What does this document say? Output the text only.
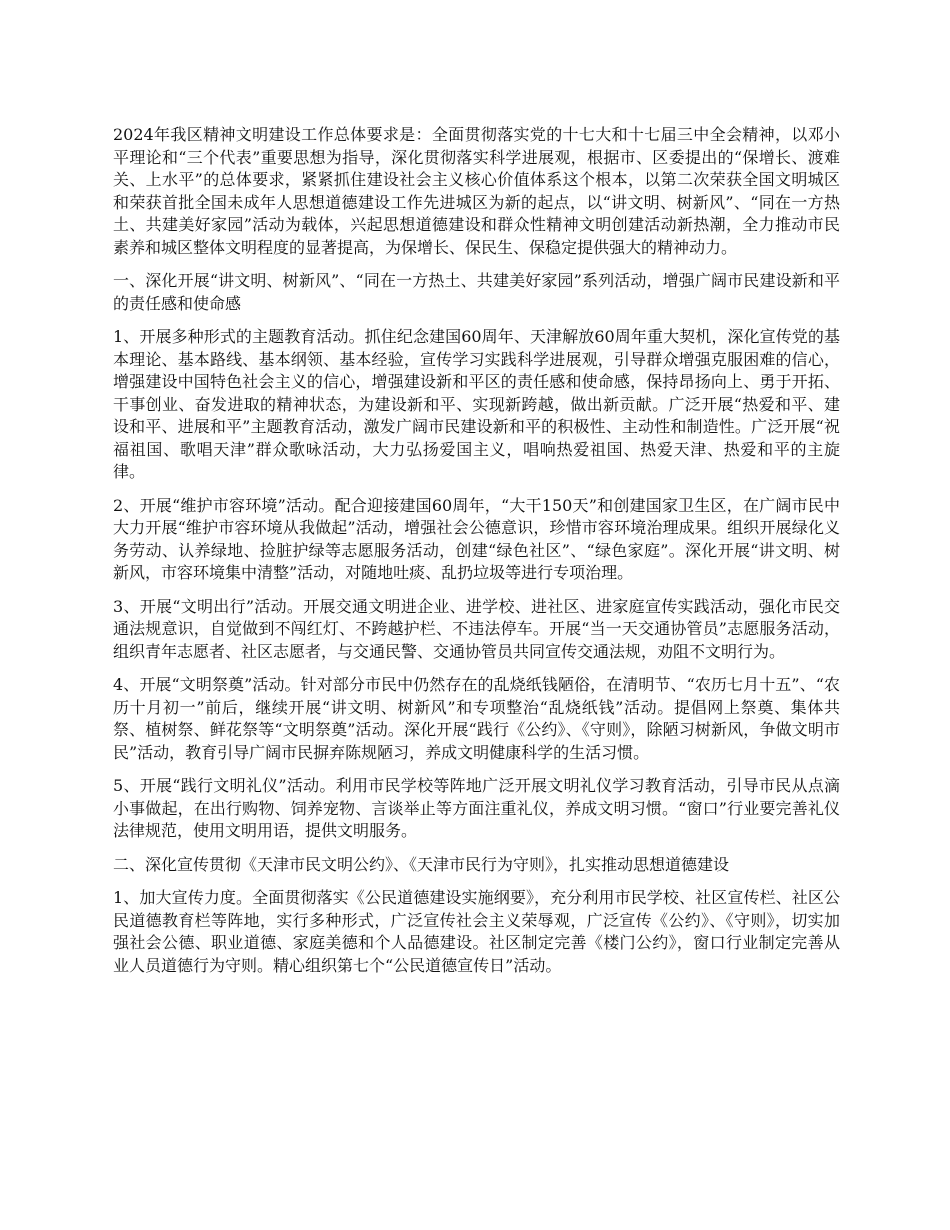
2024年我区精神文明建设工作总体要求是：全面贯彻落实党的十七大和十七届三中全会精神，以邓小平理论和“三个代表”重要思想为指导，深化贯彻落实科学进展观，根据市、区委提出的“保增长、渡难关、上水平”的总体要求，紧紧抓住建设社会主义核心价值体系这个根本，以第二次荣获全国文明城区和荣获首批全国未成年人思想道德建设工作先进城区为新的起点，以“讲文明、树新风”、“同在一方热土、共建美好家园”活动为载体，兴起思想道德建设和群众性精神文明创建活动新热潮，全力推动市民素养和城区整体文明程度的显著提高，为保增长、保民生、保稳定提供强大的精神动力。

一、深化开展“讲文明、树新风”、“同在一方热土、共建美好家园”系列活动，增强广阔市民建设新和平的责任感和使命感

1、开展多种形式的主题教育活动。抓住纪念建国60周年、天津解放60周年重大契机，深化宣传党的基本理论、基本路线、基本纲领、基本经验，宣传学习实践科学进展观，引导群众增强克服困难的信心，增强建设中国特色社会主义的信心，增强建设新和平区的责任感和使命感，保持昂扬向上、勇于开拓、干事创业、奋发进取的精神状态，为建设新和平、实现新跨越，做出新贡献。广泛开展“热爱和平、建设和平、进展和平”主题教育活动，激发广阔市民建设新和平的积极性、主动性和制造性。广泛开展“祝福祖国、歌唱天津”群众歌咏活动，大力弘扬爱国主义，唱响热爱祖国、热爱天津、热爱和平的主旋律。

2、开展“维护市容环境”活动。配合迎接建国60周年，“大干150天”和创建国家卫生区，在广阔市民中大力开展“维护市容环境从我做起”活动，增强社会公德意识，珍惜市容环境治理成果。组织开展绿化义务劳动、认养绿地、捡脏护绿等志愿服务活动，创建“绿色社区”、“绿色家庭”。深化开展“讲文明、树新风，市容环境集中清整”活动，对随地吐痰、乱扔垃圾等进行专项治理。

3、开展“文明出行”活动。开展交通文明进企业、进学校、进社区、进家庭宣传实践活动，强化市民交通法规意识，自觉做到不闯红灯、不跨越护栏、不违法停车。开展“当一天交通协管员”志愿服务活动，组织青年志愿者、社区志愿者，与交通民警、交通协管员共同宣传交通法规，劝阻不文明行为。

4、开展“文明祭奠”活动。针对部分市民中仍然存在的乱烧纸钱陋俗，在清明节、“农历七月十五”、“农历十月初一”前后，继续开展“讲文明、树新风”和专项整治“乱烧纸钱”活动。提倡网上祭奠、集体共祭、植树祭、鲜花祭等“文明祭奠”活动。深化开展“践行《公约》、《守则》，除陋习树新风，争做文明市民”活动，教育引导广阔市民摒弃陈规陋习，养成文明健康科学的生活习惯。

5、开展“践行文明礼仪”活动。利用市民学校等阵地广泛开展文明礼仪学习教育活动，引导市民从点滴小事做起，在出行购物、饲养宠物、言谈举止等方面注重礼仪，养成文明习惯。“窗口”行业要完善礼仪法律规范，使用文明用语，提供文明服务。

二、深化宣传贯彻《天津市民文明公约》、《天津市民行为守则》，扎实推动思想道德建设

1、加大宣传力度。全面贯彻落实《公民道德建设实施纲要》，充分利用市民学校、社区宣传栏、社区公民道德教育栏等阵地，实行多种形式，广泛宣传社会主义荣辱观，广泛宣传《公约》、《守则》，切实加强社会公德、职业道德、家庭美德和个人品德建设。社区制定完善《楼门公约》，窗口行业制定完善从业人员道德行为守则。精心组织第七个“公民道德宣传日”活动。
